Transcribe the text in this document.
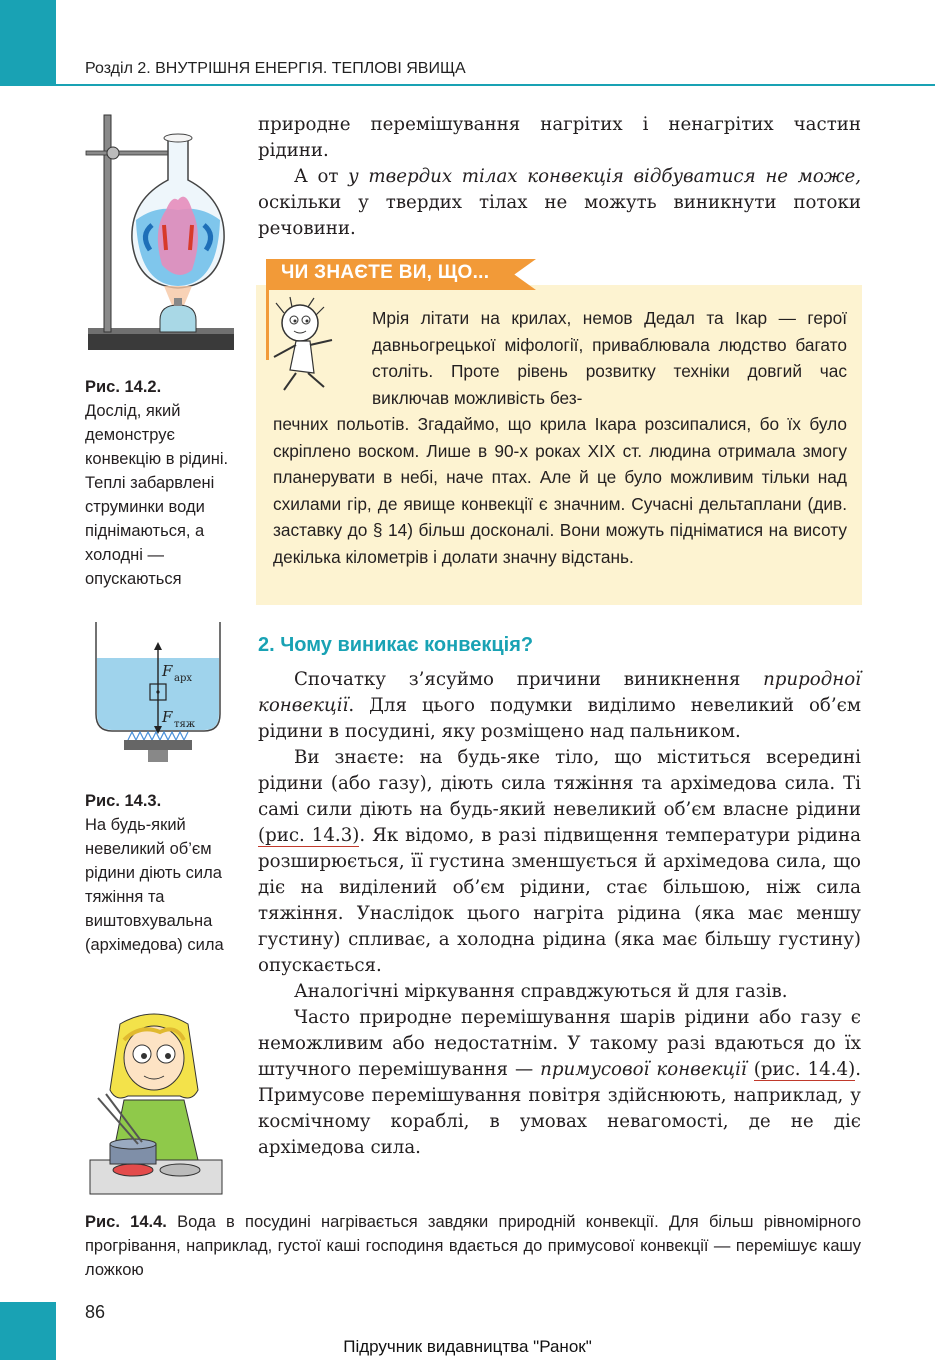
Розділ 2. ВНУТРІШНЯ ЕНЕРГІЯ. ТЕПЛОВІ ЯВИЩА
Рис. 14.2.
Дослід, який демонструє конвекцію в рідині. Теплі забарвлені струминки води піднімаються, а холодні — опускаються

природне перемішування нагрітих і ненагрітих частин рідини.

А от у твердих тілах конвекція відбуватися не може, оскільки у твердих тілах не можуть виникнути потоки речовини.

ЧИ ЗНАЄТЕ ВИ, ЩО...
Мрія літати на крилах, немов Дедал та Ікар — герої давньогрецької міфології, приваблювала людство багато століть. Проте рівень розвитку техніки довгий час виключав можливість без-
печних польотів. Згадаймо, що крила Ікара розсипалися, бо їх було скріплено воском. Лише в 90-х роках XIX ст. людина отримала змогу планерувати в небі, наче птах. Але й це було можливим тільки над схилами гір, де явище конвекції є значним. Сучасні дельтаплани (див. заставку до § 14) більш досконалі. Вони можуть підніматися на висоту декілька кілометрів і долати значну відстань.
2. Чому виникає конвекція?
F арх
F тяж
Рис. 14.3.
На будь-який невеликий об’єм рідини діють сила тяжіння та виштовхувальна (архімедова) сила

Спочатку з’ясуймо причини виникнення природної конвекції. Для цього подумки виділимо невеликий об’єм рідини в посудині, яку розміщено над пальником.

Ви знаєте: на будь-яке тіло, що міститься всередині рідини (або газу), діють сила тяжіння та архімедова сила. Ті самі сили діють на будь-який невеликий об’єм власне рідини (рис. 14.3). Як відомо, в разі підвищення температури рідина розширюється, її густина зменшується й архімедова сила, що діє на виділений об’єм рідини, стає більшою, ніж сила тяжіння. Унаслідок цього нагріта рідина (яка має меншу густину) спливає, а холодна рідина (яка має більшу густину) опускається.

Аналогічні міркування справджуються й для газів.

Часто природне перемішування шарів рідини або газу є неможливим або недостатнім. У такому разі вдаються до їх штучного перемішування — примусової конвекції (рис. 14.4). Примусове перемішування повітря здійснюють, наприклад, у космічному кораблі, в умовах невагомості, де не діє архімедова сила.

Рис. 14.4. Вода в посудині нагрівається завдяки природній конвекції. Для більш рівномірного прогрівання, наприклад, густої каші господиня вдається до примусової конвекції — перемішує кашу ложкою
86
Підручник видавництва "Ранок"
